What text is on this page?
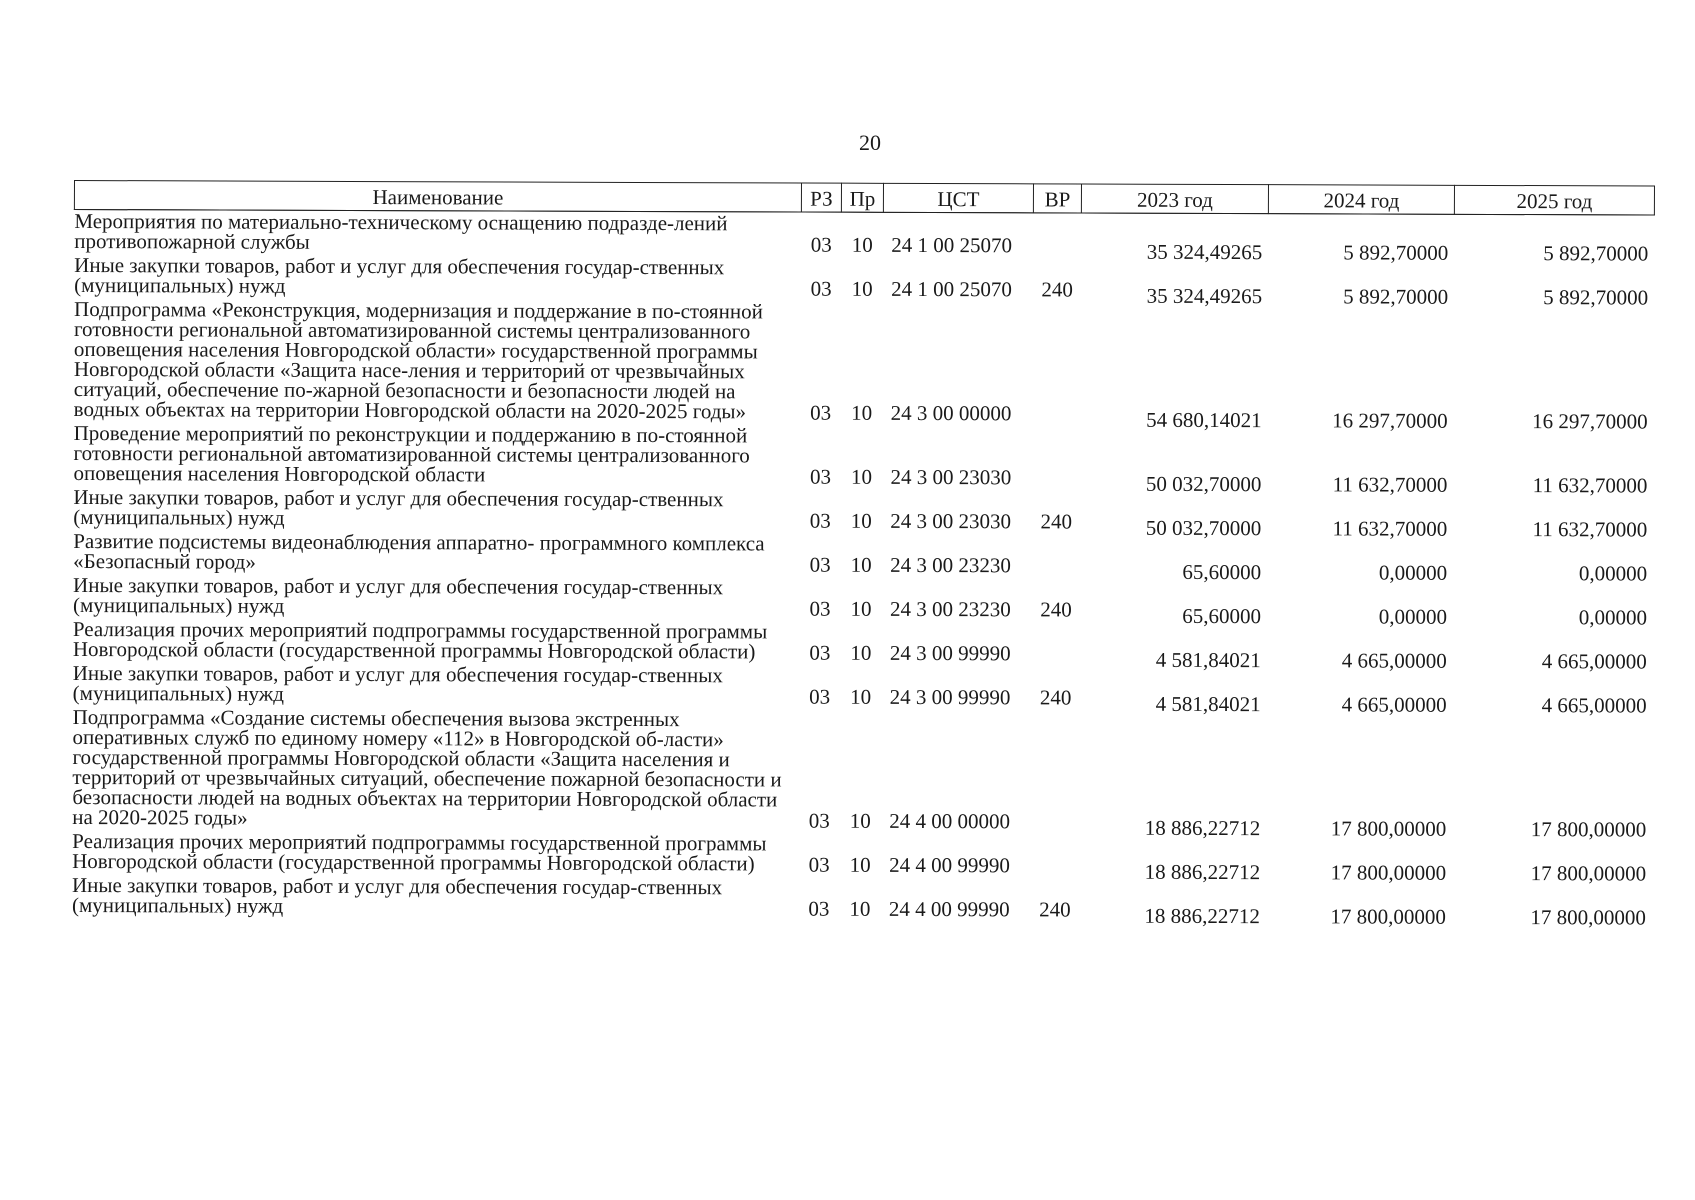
20
Наименование	РЗ	Пр	ЦСТ	ВР	2023 год	2024 год	2025 год
Мероприятия по материально-техническому оснащению подразде-лений противопожарной службы	03	10	24 1 00 25070		35 324,49265	5 892,70000	5 892,70000
Иные закупки товаров, работ и услуг для обеспечения государ-ственных (муниципальных) нужд	03	10	24 1 00 25070	240	35 324,49265	5 892,70000	5 892,70000
Подпрограмма «Реконструкция, модернизация и поддержание в по-стоянной готовности региональной автоматизированной системы централизованного оповещения населения Новгородской области» государственной программы Новгородской области «Защита насе-ления и территорий от чрезвычайных ситуаций, обеспечение по-жарной безопасности и безопасности людей на водных объектах на территории Новгородской области на 2020-2025 годы»	03	10	24 3 00 00000		54 680,14021	16 297,70000	16 297,70000
Проведение мероприятий по реконструкции и поддержанию в по-стоянной готовности региональной автоматизированной системы централизованного оповещения населения Новгородской области	03	10	24 3 00 23030		50 032,70000	11 632,70000	11 632,70000
Иные закупки товаров, работ и услуг для обеспечения государ-ственных (муниципальных) нужд	03	10	24 3 00 23030	240	50 032,70000	11 632,70000	11 632,70000
Развитие подсистемы видеонаблюдения аппаратно- программного комплекса «Безопасный город»	03	10	24 3 00 23230		65,60000	0,00000	0,00000
Иные закупки товаров, работ и услуг для обеспечения государ-ственных (муниципальных) нужд	03	10	24 3 00 23230	240	65,60000	0,00000	0,00000
Реализация прочих мероприятий подпрограммы государственной программы Новгородской области (государственной программы Новгородской области)	03	10	24 3 00 99990		4 581,84021	4 665,00000	4 665,00000
Иные закупки товаров, работ и услуг для обеспечения государ-ственных (муниципальных) нужд	03	10	24 3 00 99990	240	4 581,84021	4 665,00000	4 665,00000
Подпрограмма «Создание системы обеспечения вызова экстренных оперативных служб по единому номеру «112» в Новгородской об-ласти» государственной программы Новгородской области «Защита населения и территорий от чрезвычайных ситуаций, обеспечение пожарной безопасности и безопасности людей на водных объектах на территории Новгородской области на 2020-2025 годы»	03	10	24 4 00 00000		18 886,22712	17 800,00000	17 800,00000
Реализация прочих мероприятий подпрограммы государственной программы Новгородской области (государственной программы Новгородской области)	03	10	24 4 00 99990		18 886,22712	17 800,00000	17 800,00000
Иные закупки товаров, работ и услуг для обеспечения государ-ственных (муниципальных) нужд	03	10	24 4 00 99990	240	18 886,22712	17 800,00000	17 800,00000
